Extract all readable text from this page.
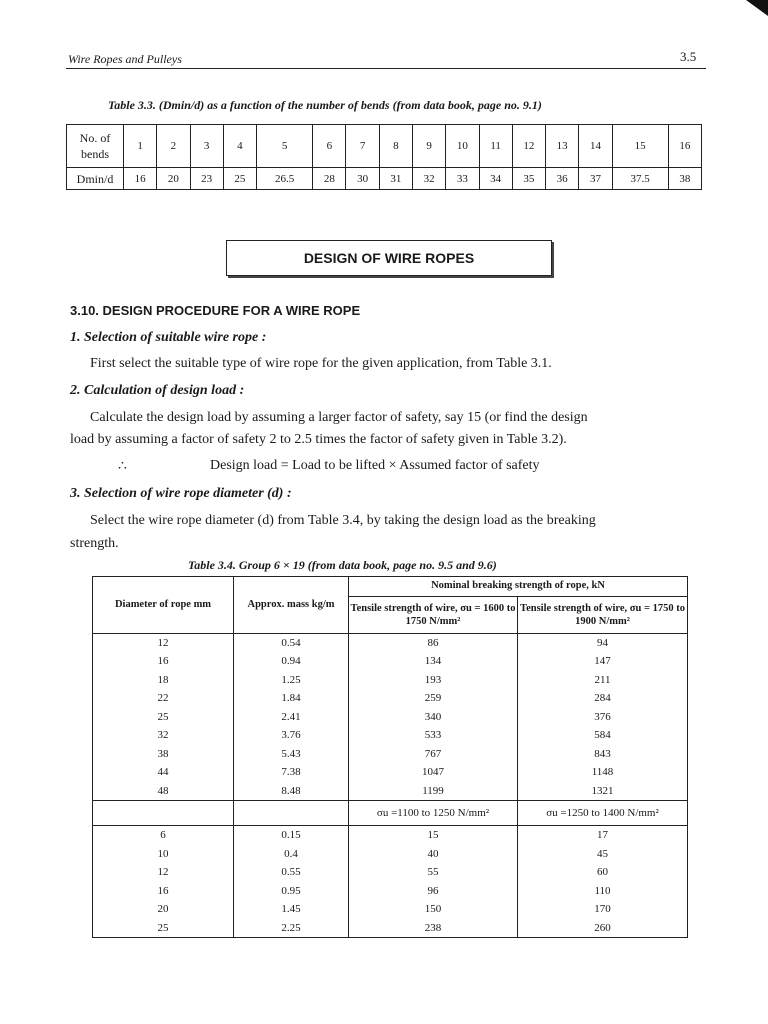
Wire Ropes and Pulleys	3.5
Table 3.3. (Dmin/d) as a function of the number of bends (from data book, page no. 9.1)
No. of bends	1	2	3	4	5	6	7	8	9	10	11	12	13	14	15	16
Dmin/d	16	20	23	25	26.5	28	30	31	32	33	34	35	36	37	37.5	38
DESIGN OF WIRE ROPES
3.10. DESIGN PROCEDURE FOR A WIRE ROPE
1. Selection of suitable wire rope :
First select the suitable type of wire rope for the given application, from Table 3.1.
2. Calculation of design load :
Calculate the design load by assuming a larger factor of safety, say 15 (or find the design
load by assuming a factor of safety 2 to 2.5 times the factor of safety given in Table 3.2).
∴	Design load = Load to be lifted × Assumed factor of safety
3. Selection of wire rope diameter (d) :
Select the wire rope diameter (d) from Table 3.4, by taking the design load as the breaking
strength.
Table 3.4. Group 6 × 19 (from data book, page no. 9.5 and 9.6)
Diameter of rope mm	Approx. mass kg/m	Nominal breaking strength of rope, kN	
		Tensile strength of wire, σu = 1600 to 1750 N/mm²	Tensile strength of wire, σu = 1750 to 1900 N/mm²
12	0.54	86	94
16	0.94	134	147
18	1.25	193	211
22	1.84	259	284
25	2.41	340	376
32	3.76	533	584
38	5.43	767	843
44	7.38	1047	1148
48	8.48	1199	1321
		σu =1100 to 1250 N/mm²	σu =1250 to 1400 N/mm²
6	0.15	15	17
10	0.4	40	45
12	0.55	55	60
16	0.95	96	110
20	1.45	150	170
25	2.25	238	260
